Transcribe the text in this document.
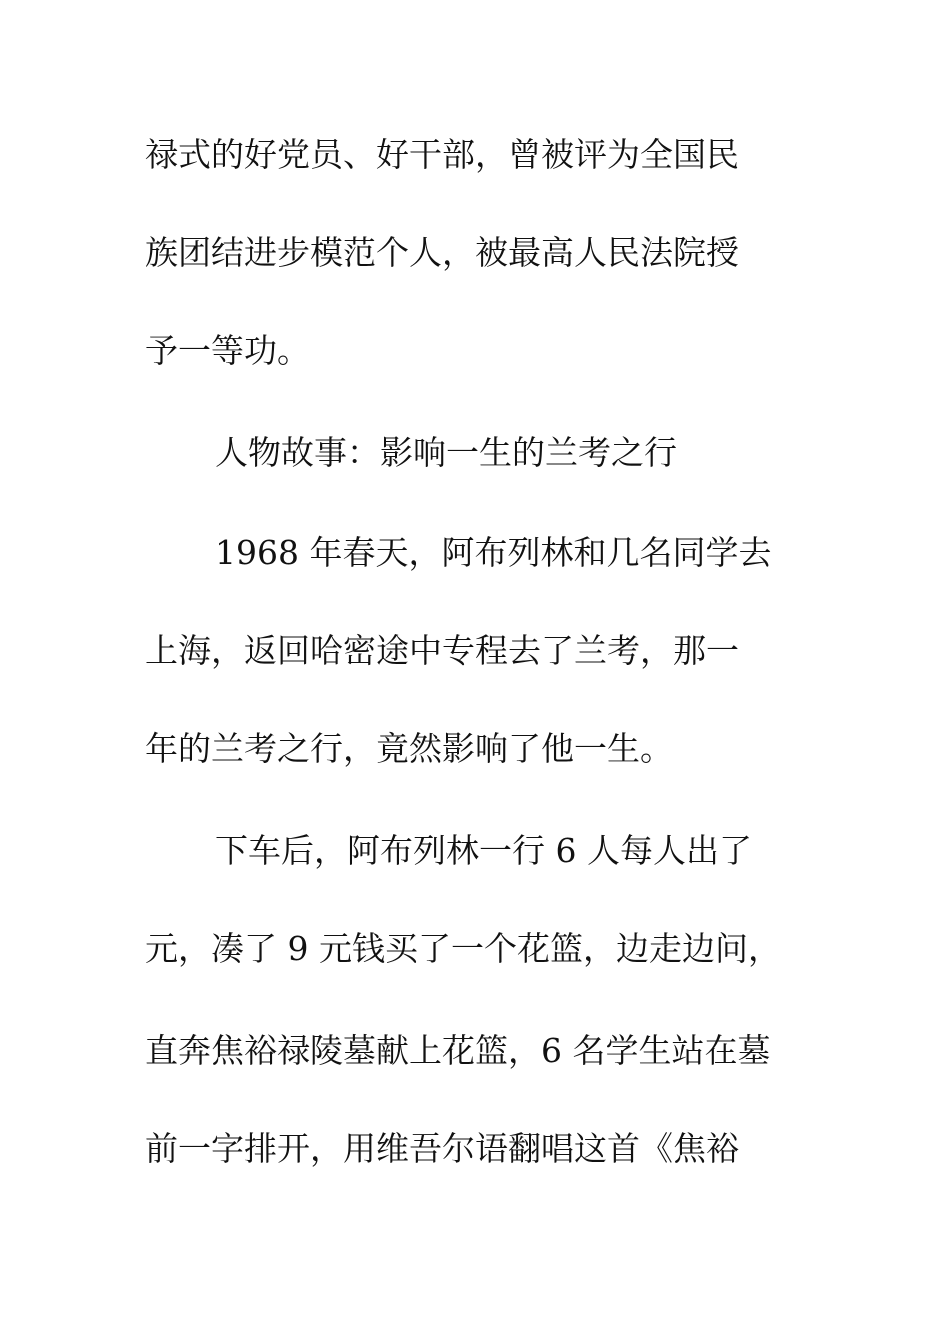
禄式的好党员、好干部，曾被评为全国民
族团结进步模范个人，被最高人民法院授
予一等功。
人物故事：影响一生的兰考之行
1968 年春天，阿布列林和几名同学去
上海，返回哈密途中专程去了兰考，那一
年的兰考之行，竟然影响了他一生。
下车后，阿布列林一行 6 人每人出了
元，凑了 9 元钱买了一个花篮，边走边问，
直奔焦裕禄陵墓献上花篮，6 名学生站在墓
前一字排开，用维吾尔语翻唱这首《焦裕
